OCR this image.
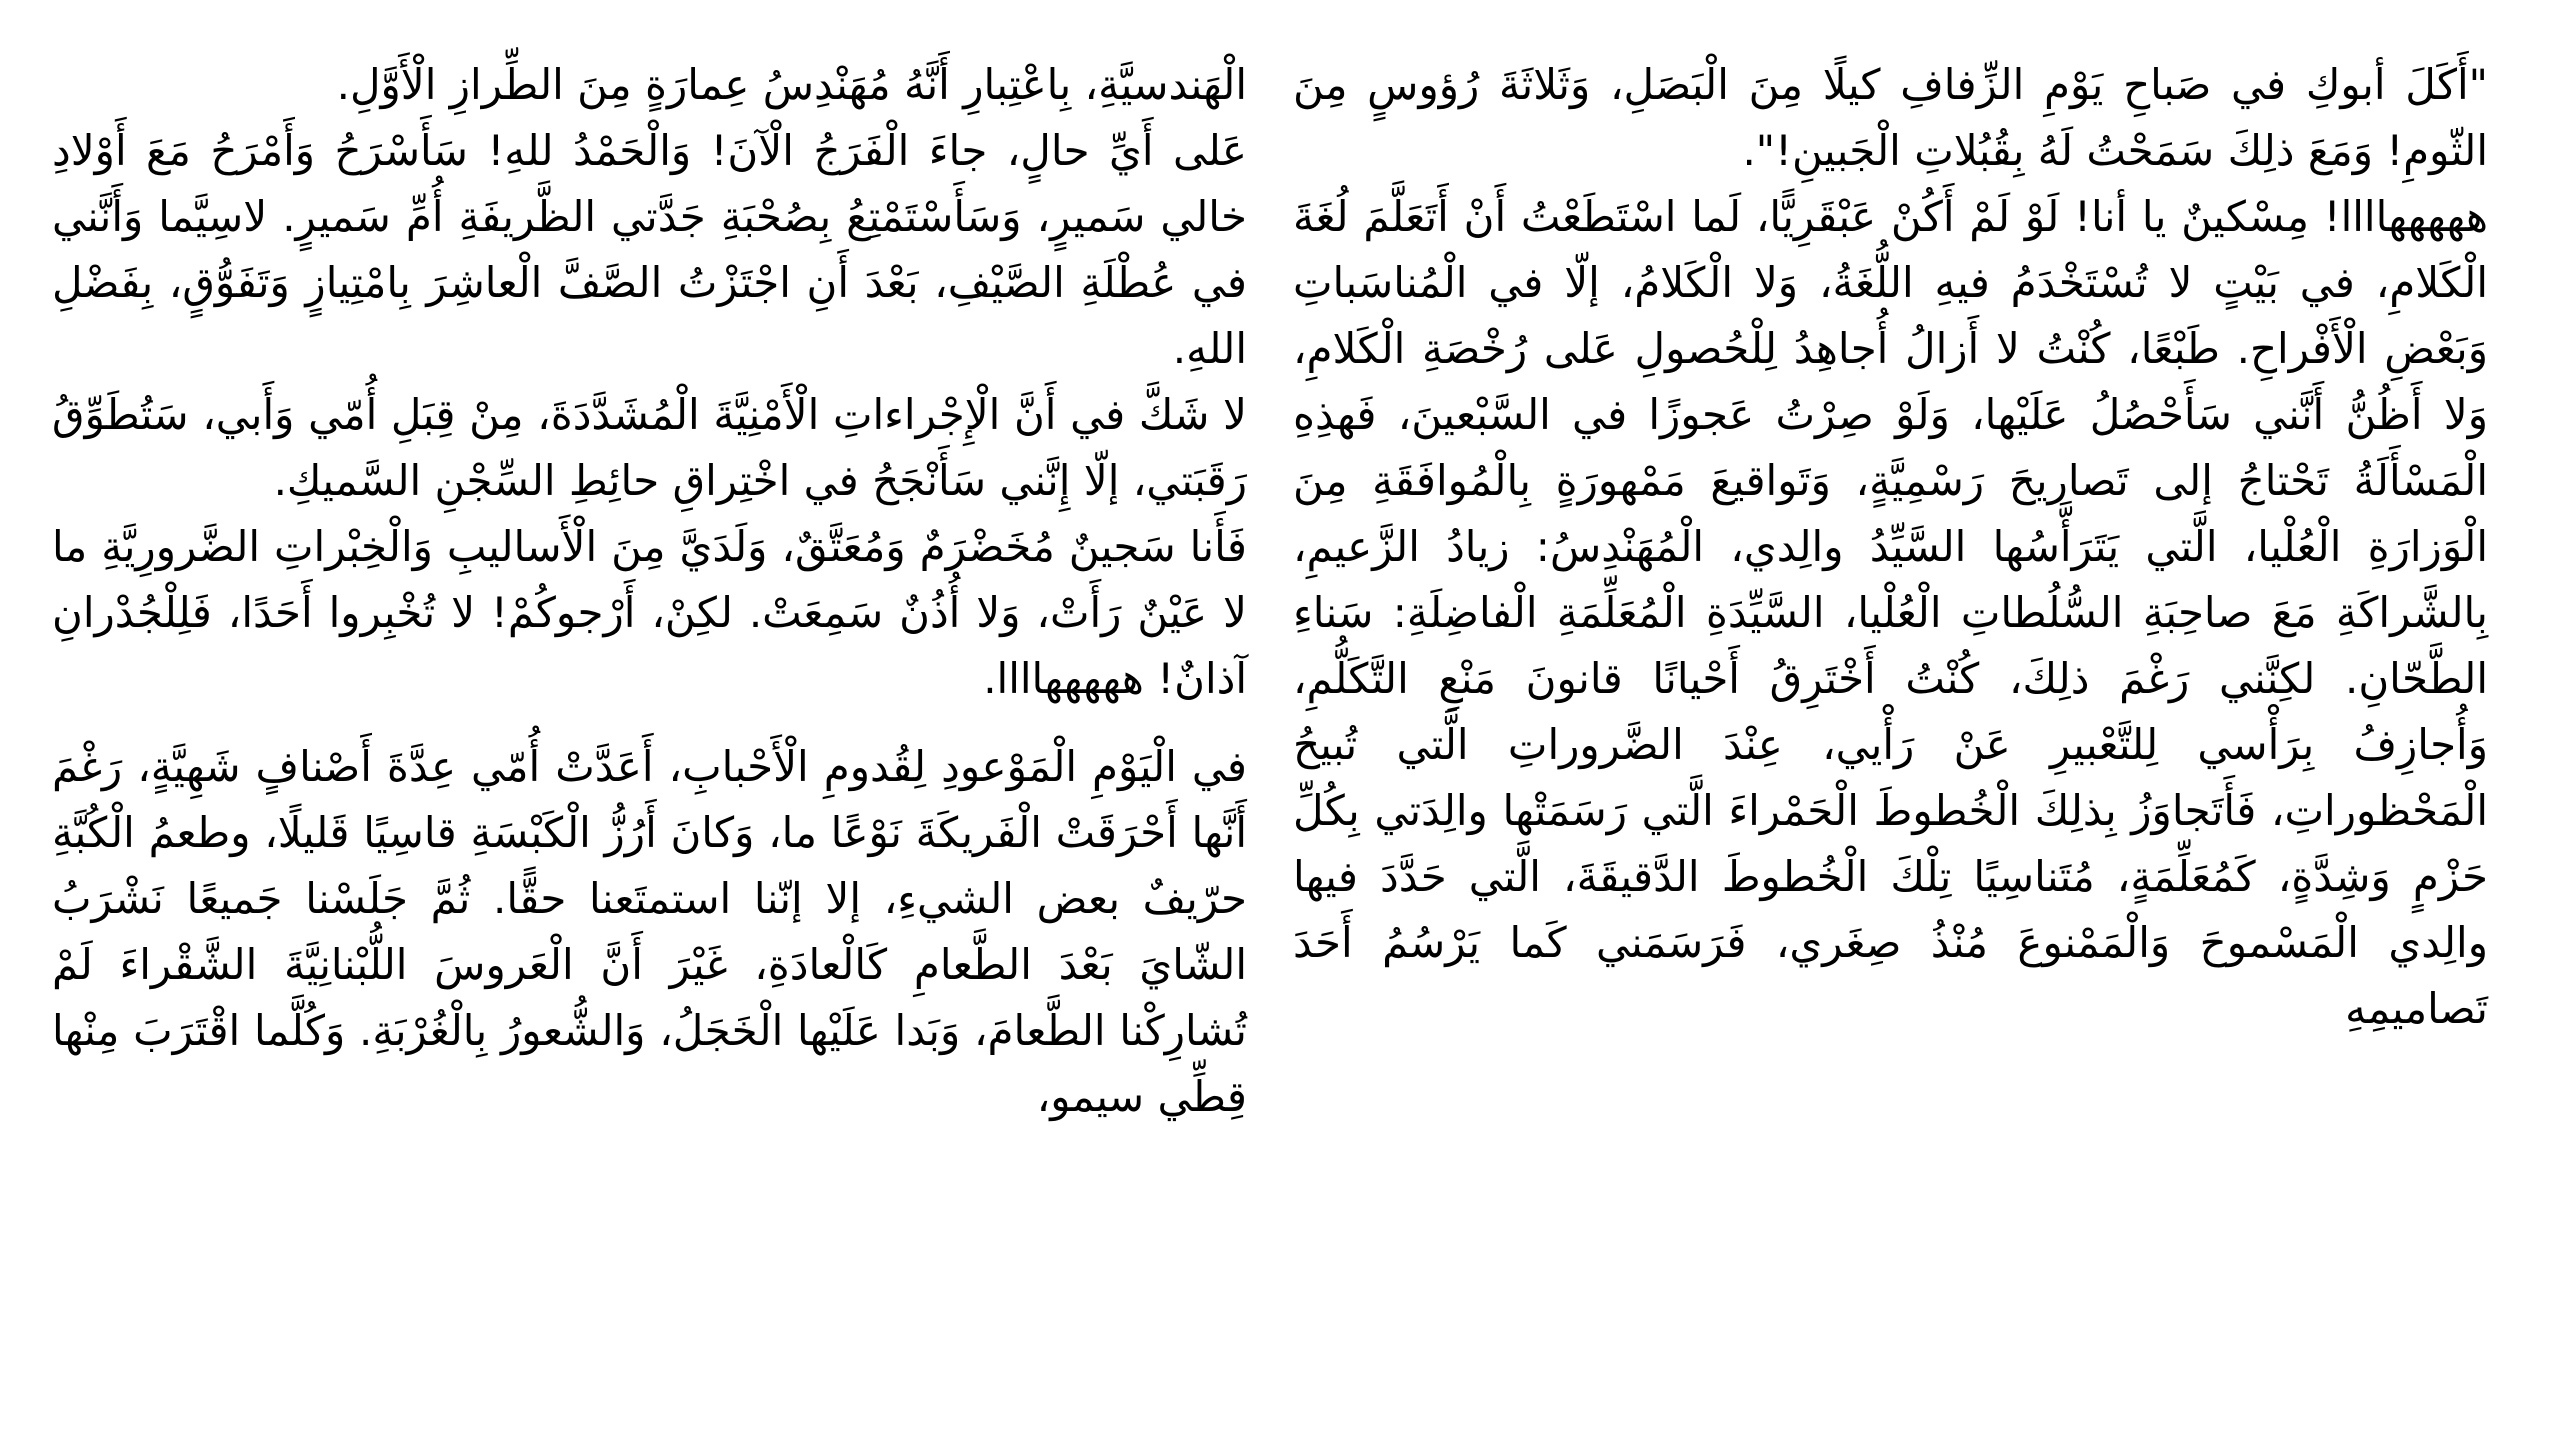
"أَكَلَ أبوكِ في صَباحِ يَوْمِ الزِّفافِ كيلًا مِنَ الْبَصَلِ، وَثَلاثَةَ رُؤوسٍ مِنَ الثّومِ! وَمَعَ ذلِكَ سَمَحْتُ لَهُ بِقُبُلاتِ الْجَبينِ!".

هههههاااا! مِسْكينٌ يا أنا! لَوْ لَمْ أَكُنْ عَبْقَرِيًّا، لَما اسْتَطَعْتُ أَنْ أَتَعَلَّمَ لُغَةَ الْكَلامِ، في بَيْتٍ لا تُسْتَخْدَمُ فيهِ اللُّغَةُ، وَلا الْكَلامُ، إلّا في الْمُناسَباتِ وَبَعْضِ الْأَفْراحِ. طَبْعًا، كُنْتُ لا أَزالُ أُجاهِدُ لِلْحُصولِ عَلى رُخْصَةِ الْكَلامِ، وَلا أَظُنُّ أَنَّني سَأَحْصُلُ عَلَيْها، وَلَوْ صِرْتُ عَجوزًا في السَّبْعينَ، فَهذِهِ الْمَسْأَلَةُ تَحْتاجُ إلى تَصاريحَ رَسْمِيَّةٍ، وَتَواقيعَ مَمْهورَةٍ بِالْمُوافَقَةِ مِنَ الْوَزارَةِ الْعُلْيا، الَّتي يَتَرَأَّسُها السَّيِّدُ والِدي، الْمُهَنْدِسُ: زيادُ الزَّعيمِ، بِالشَّراكَةِ مَعَ صاحِبَةِ السُّلُطاتِ الْعُلْيا، السَّيِّدَةِ الْمُعَلِّمَةِ الْفاضِلَةِ: سَناءِ الطَّحّانِ. لكِنَّني رَغْمَ ذلِكَ، كُنْتُ أَخْتَرِقُ أَحْيانًا قانونَ مَنْعِ التَّكَلُّمِ، وَأُجازِفُ بِرَأْسي لِلتَّعْبيرِ عَنْ رَأْيي، عِنْدَ الضَّروراتِ الَّتي تُبيحُ الْمَحْظوراتِ، فَأَتَجاوَزُ بِذلِكَ الْخُطوطَ الْحَمْراءَ الَّتي رَسَمَتْها والِدَتي بِكُلِّ حَزْمٍ وَشِدَّةٍ، كَمُعَلِّمَةٍ، مُتَناسِيًا تِلْكَ الْخُطوطَ الدَّقيقَةَ، الَّتي حَدَّدَ فيها والِدي الْمَسْموحَ وَالْمَمْنوعَ مُنْذُ صِغَري، فَرَسَمَني كَما يَرْسُمُ أَحَدَ تَصاميمِهِ

الْهَندسيَّةِ، بِاعْتِبارِ أَنَّهُ مُهَنْدِسُ عِمارَةٍ مِنَ الطِّرازِ الْأَوَّلِ.

عَلى أَيِّ حالٍ، جاءَ الْفَرَجُ الْآنَ! وَالْحَمْدُ للهِ! سَأَسْرَحُ وَأَمْرَحُ مَعَ أَوْلادِ خالي سَميرٍ، وَسَأَسْتَمْتِعُ بِصُحْبَةِ جَدَّتي الظَّريفَةِ أُمِّ سَميرٍ. لاسِيَّما وَأَنَّني في عُطْلَةِ الصَّيْفِ، بَعْدَ أَنِ اجْتَزْتُ الصَّفَّ الْعاشِرَ بِامْتِيازٍ وَتَفَوُّقٍ، بِفَضْلِ اللهِ.

لا شَكَّ في أَنَّ الْإِجْراءاتِ الْأَمْنِيَّةَ الْمُشَدَّدَةَ، مِنْ قِبَلِ أُمّي وَأَبي، سَتُطَوِّقُ رَقَبَتي، إلّا إِنَّني سَأَنْجَحُ في اخْتِراقِ حائِطِ السِّجْنِ السَّميكِ.

فَأَنا سَجينٌ مُخَضْرَمٌ وَمُعَتَّقٌ، وَلَدَيَّ مِنَ الْأَساليبِ وَالْخِبْراتِ الضَّرورِيَّةِ ما لا عَيْنٌ رَأَتْ، وَلا أُذُنٌ سَمِعَتْ. لكِنْ، أَرْجوكُمْ! لا تُخْبِروا أَحَدًا، فَلِلْجُدْرانِ آذانٌ! هههههاااا.

في الْيَوْمِ الْمَوْعودِ لِقُدومِ الْأَحْبابِ، أَعَدَّتْ أُمّي عِدَّةَ أَصْنافٍ شَهِيَّةٍ، رَغْمَ أَنَّها أَحْرَقَتْ الْفَريكَةَ نَوْعًا ما، وَكانَ أَرُزُّ الْكَبْسَةِ قاسِيًا قَليلًا، وطعمُ الْكُبَّةِ حرّيفٌ بعض الشيءِ، إلا إنّنا استمتَعنا حقًّا. ثُمَّ جَلَسْنا جَميعًا نَشْرَبُ الشّايَ بَعْدَ الطَّعامِ كَالْعادَةِ، غَيْرَ أَنَّ الْعَروسَ اللُّبْنانِيَّةَ الشَّقْراءَ لَمْ تُشارِكْنا الطَّعامَ، وَبَدا عَلَيْها الْخَجَلُ، وَالشُّعورُ بِالْغُرْبَةِ. وَكُلَّما اقْتَرَبَ مِنْها قِطِّي سيمو،
